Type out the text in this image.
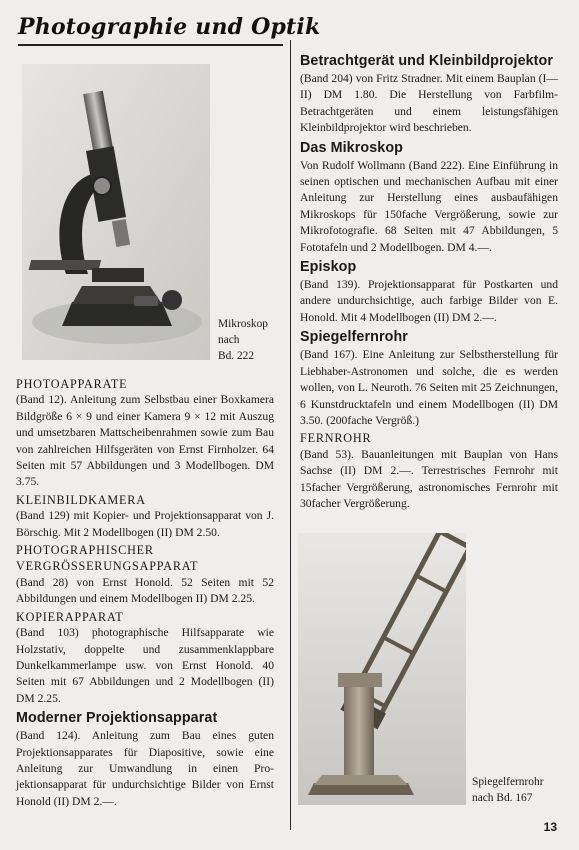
Photographie und Optik
Mikroskop
nach
Bd. 222
PHOTOAPPARATE

(Band 12). Anleitung zum Selbstbau einer Boxkamera Bildgröße 6 × 9 und einer Kamera 9 × 12 mit Auszug und umsetzbaren Mattscheibenrahmen sowie zum Bau von zahlreichen Hilfsgeräten von Ernst Firnholzer. 64 Seiten mit 57 Abbildungen und 3 Modellbogen. DM 3.75.

KLEINBILDKAMERA

(Band 129) mit Kopier- und Projektionsapparat von J. Börschig. Mit 2 Modellbogen (II) DM 2.50.

PHOTOGRAPHISCHER VERGRÖSSERUNGSAPPARAT

(Band 28) von Ernst Honold. 52 Seiten mit 52 Abbildungen und einem Modellbogen II) DM 2.25.

KOPIERAPPARAT

(Band 103) photographische Hilfsapparate wie Holzstativ, doppelte und zusammenklappbare Dunkelkammerlampe usw. von Ernst Honold. 40 Seiten mit 67 Abbildungen und 2 Modellbogen (II) DM 2.25.

Moderner Projektionsapparat

(Band 124). Anleitung zum Bau eines guten Projektionsapparates für Diapositive, sowie eine Anleitung zur Umwandlung in einen Projektionsapparat für undurchsichtige Bilder von Ernst Honold (II) DM 2.—.

Betrachtgerät und Kleinbildprojektor

(Band 204) von Fritz Stradner. Mit einem Bauplan (I—II) DM 1.80. Die Herstellung von Farbfilm-Betrachtgeräten und einem leistungsfähigen Kleinbildprojektor wird beschrieben.

Das Mikroskop

Von Rudolf Wollmann (Band 222). Eine Einführung in seinen optischen und mechanischen Aufbau mit einer Anleitung zur Herstellung eines ausbaufähigen Mikroskops für 150fache Vergrößerung, sowie zur Mikrofotografie. 68 Seiten mit 47 Abbildungen, 5 Fototafeln und 2 Modellbogen. DM 4.—.

Episkop

(Band 139). Projektionsapparat für Postkarten und andere undurchsichtige, auch farbige Bilder von E. Honold. Mit 4 Modellbogen (II) DM 2.—.

Spiegelfernrohr

(Band 167). Eine Anleitung zur Selbstherstellung für Liebhaber-Astronomen und solche, die es werden wollen, von L. Neuroth. 76 Seiten mit 25 Zeichnungen, 6 Kunstdrucktafeln und einem Modellbogen (II) DM 3.50. (200fache Vergröß.)

FERNROHR

(Band 53). Bauanleitungen mit Bauplan von Hans Sachse (II) DM 2.—. Terrestrisches Fernrohr mit 15facher Vergrößerung, astronomisches Fernrohr mit 30facher Vergrößerung.

Spiegelfernrohr
nach Bd. 167
13
